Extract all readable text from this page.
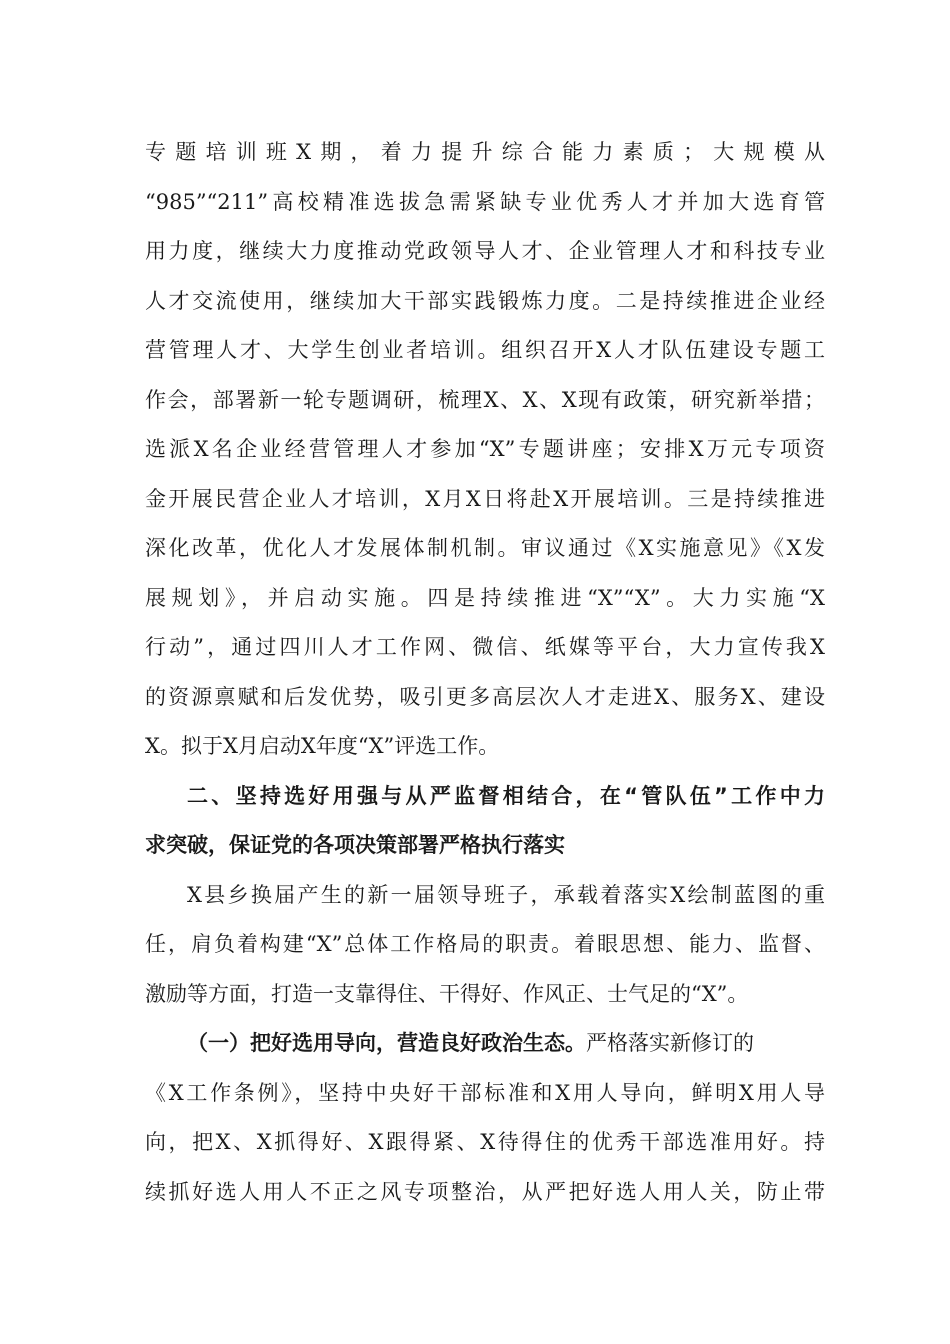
专题培训班X期，着力提升综合能力素质；大规模从
“985”“211”高校精准选拔急需紧缺专业优秀人才并加大选育管
用力度，继续大力度推动党政领导人才、企业管理人才和科技专业
人才交流使用，继续加大干部实践锻炼力度。二是持续推进企业经
营管理人才、大学生创业者培训。组织召开X人才队伍建设专题工
作会，部署新一轮专题调研，梳理X、X、X现有政策，研究新举措；
选派X名企业经营管理人才参加“X”专题讲座；安排X万元专项资
金开展民营企业人才培训，X月X日将赴X开展培训。三是持续推进
深化改革，优化人才发展体制机制。审议通过《X实施意见》《X发
展规划》，并启动实施。四是持续推进“X”“X”。大力实施“X
行动”，通过四川人才工作网、微信、纸媒等平台，大力宣传我X
的资源禀赋和后发优势，吸引更多高层次人才走进X、服务X、建设
X。拟于X月启动X年度“X”评选工作。
二、坚持选好用强与从严监督相结合，在“管队伍”工作中力
求突破，保证党的各项决策部署严格执行落实
X县乡换届产生的新一届领导班子，承载着落实X绘制蓝图的重
任，肩负着构建“X”总体工作格局的职责。着眼思想、能力、监督、
激励等方面，打造一支靠得住、干得好、作风正、士气足的“X”。
（一）把好选用导向，营造良好政治生态。严格落实新修订的
《X工作条例》，坚持中央好干部标准和X用人导向，鲜明X用人导
向，把X、X抓得好、X跟得紧、X待得住的优秀干部选准用好。持
续抓好选人用人不正之风专项整治，从严把好选人用人关，防止带
